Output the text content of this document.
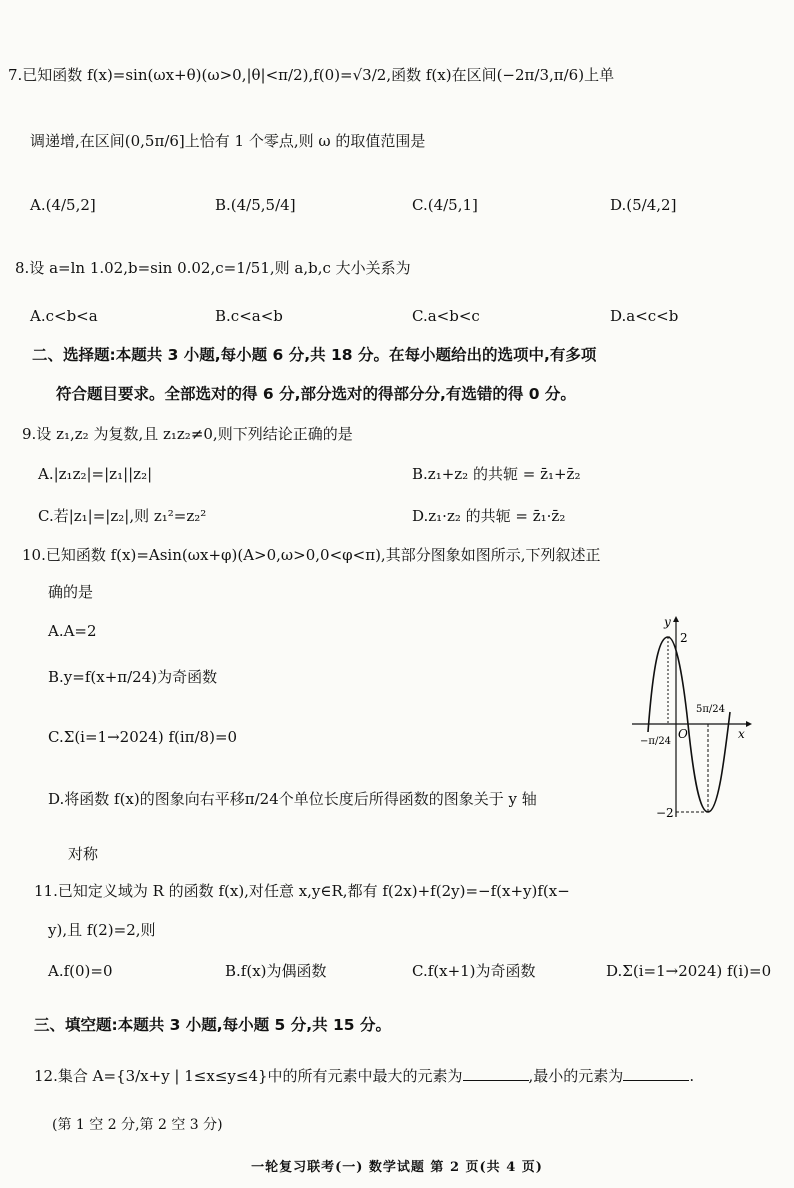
7.已知函数 f(x)=sin(ωx+θ)(ω>0,|θ|<π/2),f(0)=√3/2,函数 f(x)在区间(−2π/3,π/6)上单
调递增,在区间(0,5π/6]上恰有 1 个零点,则 ω 的取值范围是
A.(4/5,2]	B.(4/5,5/4]	C.(4/5,1]	D.(5/4,2]
8.设 a=ln 1.02,b=sin 0.02,c=1/51,则 a,b,c 大小关系为
A.c<b<a	B.c<a<b	C.a<b<c	D.a<c<b
二、选择题:本题共 3 小题,每小题 6 分,共 18 分。在每小题给出的选项中,有多项
符合题目要求。全部选对的得 6 分,部分选对的得部分分,有选错的得 0 分。
9.设 z₁,z₂ 为复数,且 z₁z₂≠0,则下列结论正确的是
A.|z₁z₂|=|z₁||z₂|	B.z₁+z₂ 的共轭 = z̄₁+z̄₂
C.若|z₁|=|z₂|,则 z₁²=z₂²	D.z₁·z₂ 的共轭 = z̄₁·z̄₂
10.已知函数 f(x)=Asin(ωx+φ)(A>0,ω>0,0<φ<π),其部分图象如图所示,下列叙述正
确的是
A.A=2
B.y=f(x+π/24)为奇函数
C.Σ(i=1→2024) f(iπ/8)=0
D.将函数 f(x)的图象向右平移π/24个单位长度后所得函数的图象关于 y 轴
对称
y
x
O
2
−2
−π/24
5π/24
11.已知定义域为 R 的函数 f(x),对任意 x,y∈R,都有 f(2x)+f(2y)=−f(x+y)f(x−
y),且 f(2)=2,则
A.f(0)=0	B.f(x)为偶函数	C.f(x+1)为奇函数	D.Σ(i=1→2024) f(i)=0
三、填空题:本题共 3 小题,每小题 5 分,共 15 分。
12.集合 A={3/x+y | 1≤x≤y≤4}中的所有元素中最大的元素为	,最小的元素为	.
(第 1 空 2 分,第 2 空 3 分)
一轮复习联考(一) 数学试题 第 2 页(共 4 页)
